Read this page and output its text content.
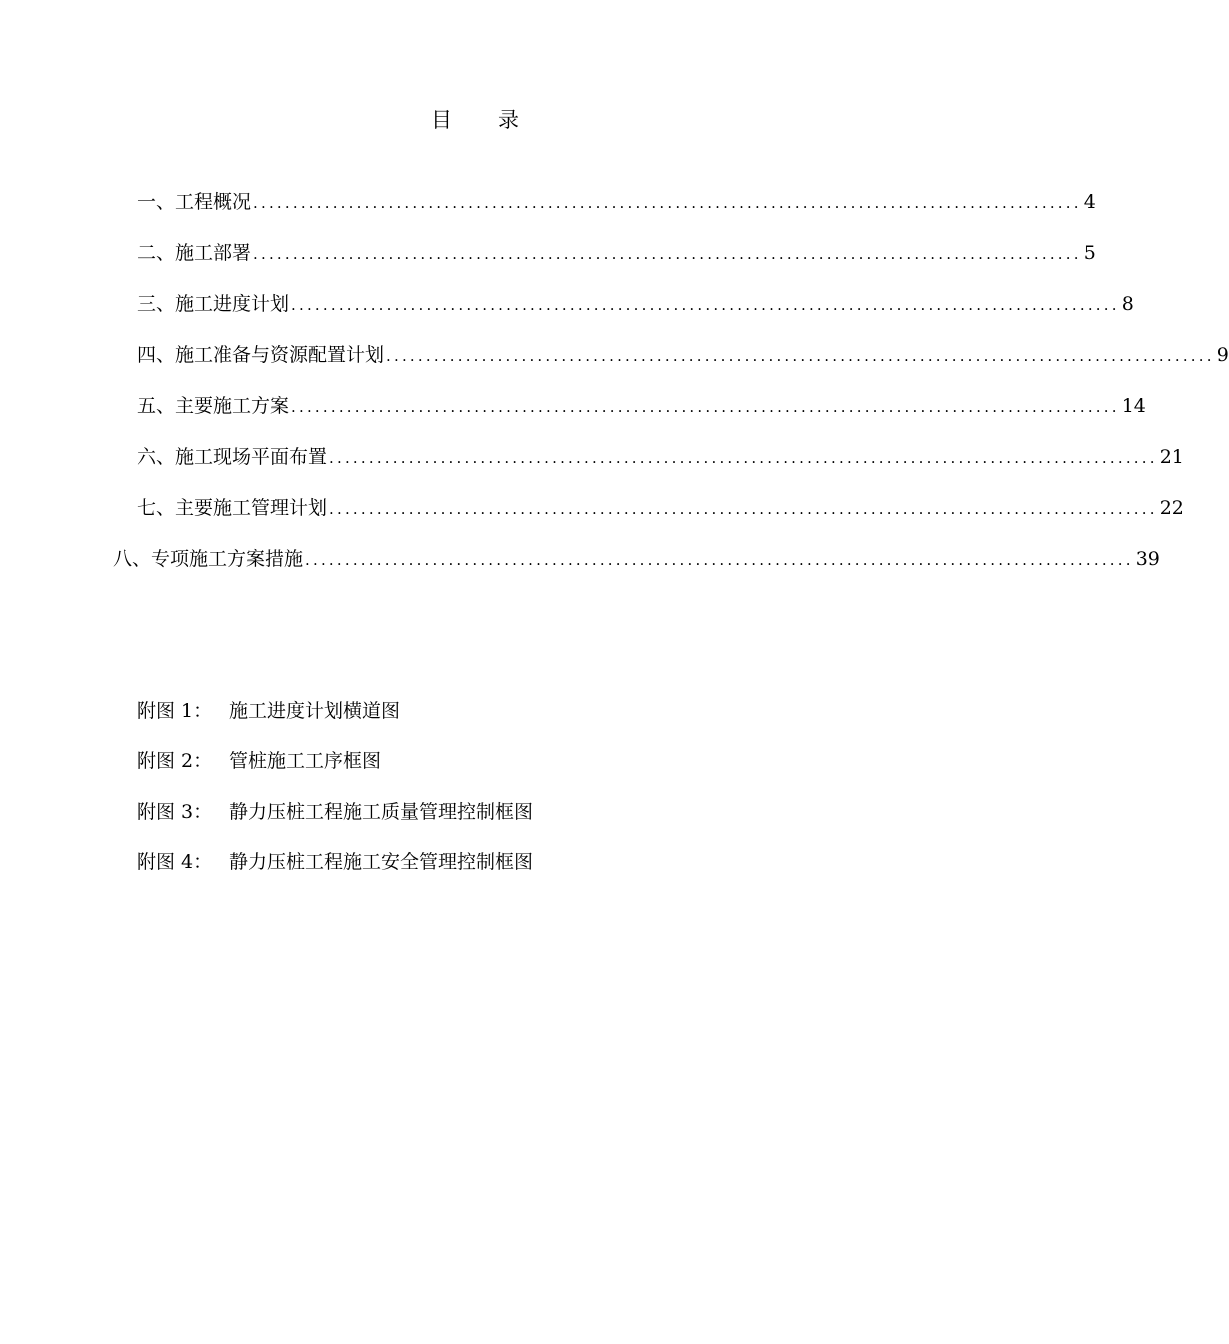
目 录
一、工程概况 ........................................................................................................ 4
二、施工部署 ........................................................................................................ 5
三、施工进度计划 ........................................................................................................ 8
四、施工准备与资源配置计划 ........................................................................................................ 9
五、主要施工方案 ........................................................................................................ 14
六、施工现场平面布置 ........................................................................................................ 21
七、主要施工管理计划 ........................................................................................................ 22
八、专项施工方案措施 ........................................................................................................ 39
附图 1： 施工进度计划横道图
附图 2： 管桩施工工序框图
附图 3： 静力压桩工程施工质量管理控制框图
附图 4： 静力压桩工程施工安全管理控制框图
